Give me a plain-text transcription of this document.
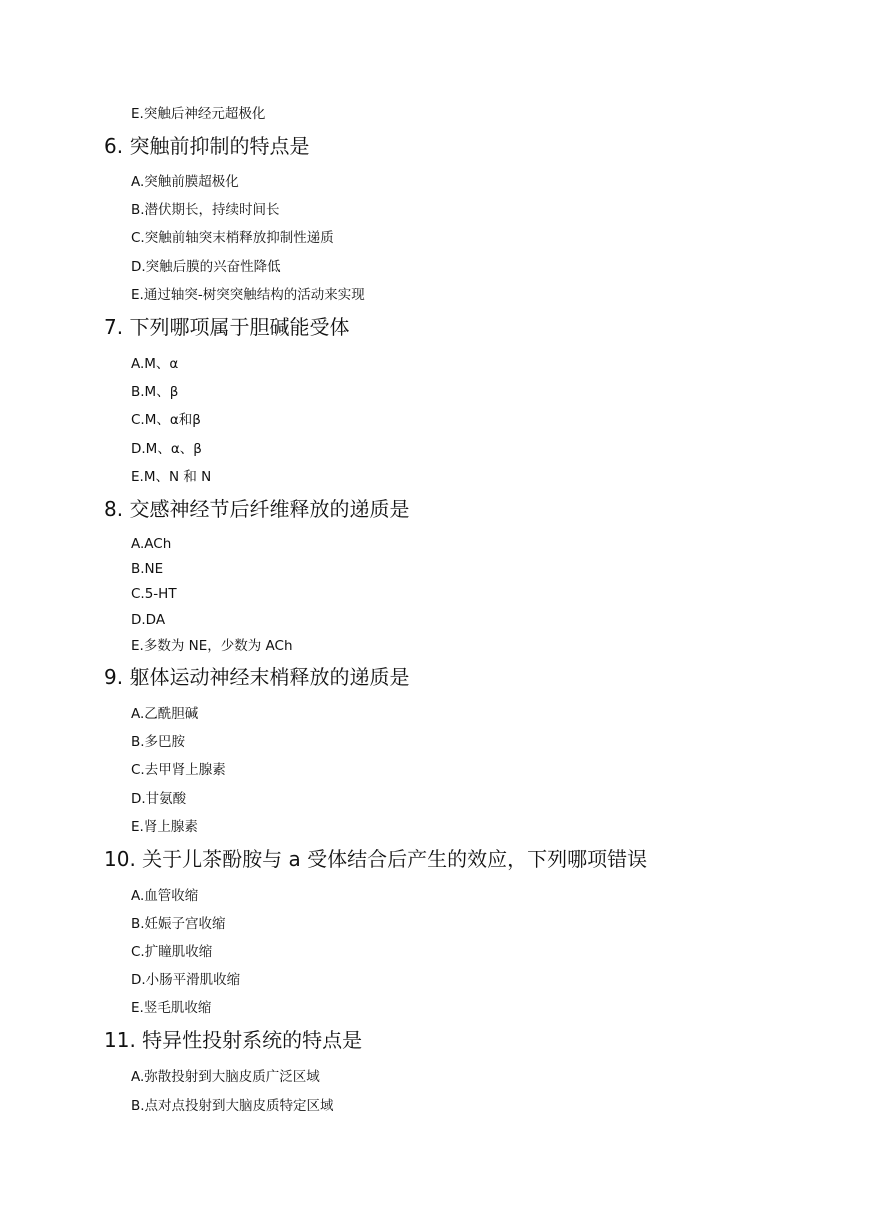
E.突触后神经元超极化
6. 突触前抑制的特点是
A.突触前膜超极化
B.潜伏期长，持续时间长
C.突触前轴突末梢释放抑制性递质
D.突触后膜的兴奋性降低
E.通过轴突-树突突触结构的活动来实现
7. 下列哪项属于胆碱能受体
A.M、α
B.M、β
C.M、α和β
D.M、α、β
E.M、N 和 N
8. 交感神经节后纤维释放的递质是
A.ACh
B.NE
C.5-HT
D.DA
E.多数为 NE，少数为 ACh
9. 躯体运动神经末梢释放的递质是
A.乙酰胆碱
B.多巴胺
C.去甲肾上腺素
D.甘氨酸
E.肾上腺素
10. 关于儿茶酚胺与 a 受体结合后产生的效应，下列哪项错误
A.血管收缩
B.妊娠子宫收缩
C.扩瞳肌收缩
D.小肠平滑肌收缩
E.竖毛肌收缩
11. 特异性投射系统的特点是
A.弥散投射到大脑皮质广泛区域
B.点对点投射到大脑皮质特定区域
